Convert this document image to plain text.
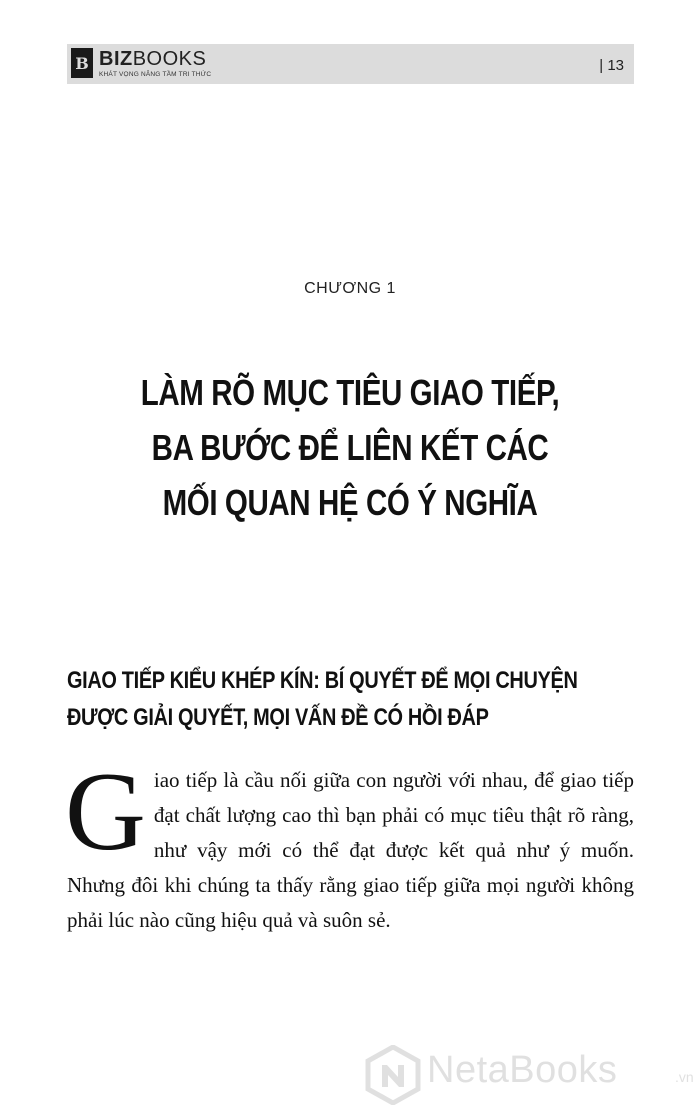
B BIZBOOKS
KHÁT VỌNG NÂNG TẦM TRI THỨC
| 13
CHƯƠNG 1
LÀM RÕ MỤC TIÊU GIAO TIẾP,
BA BƯỚC ĐỂ LIÊN KẾT CÁC
MỐI QUAN HỆ CÓ Ý NGHĨA
GIAO TIẾP KIỂU KHÉP KÍN: BÍ QUYẾT ĐỂ MỌI CHUYỆN
ĐƯỢC GIẢI QUYẾT, MỌI VẤN ĐỀ CÓ HỒI ĐÁP
G iao tiếp là cầu nối giữa con người với nhau, để giao tiếp đạt chất lượng cao thì bạn phải có mục tiêu thật rõ ràng, như vậy mới có thể đạt được kết quả như ý muốn. Nhưng đôi khi chúng ta thấy rằng giao tiếp giữa mọi người không phải lúc nào cũng hiệu quả và suôn sẻ.
NetaBooks	.vn
